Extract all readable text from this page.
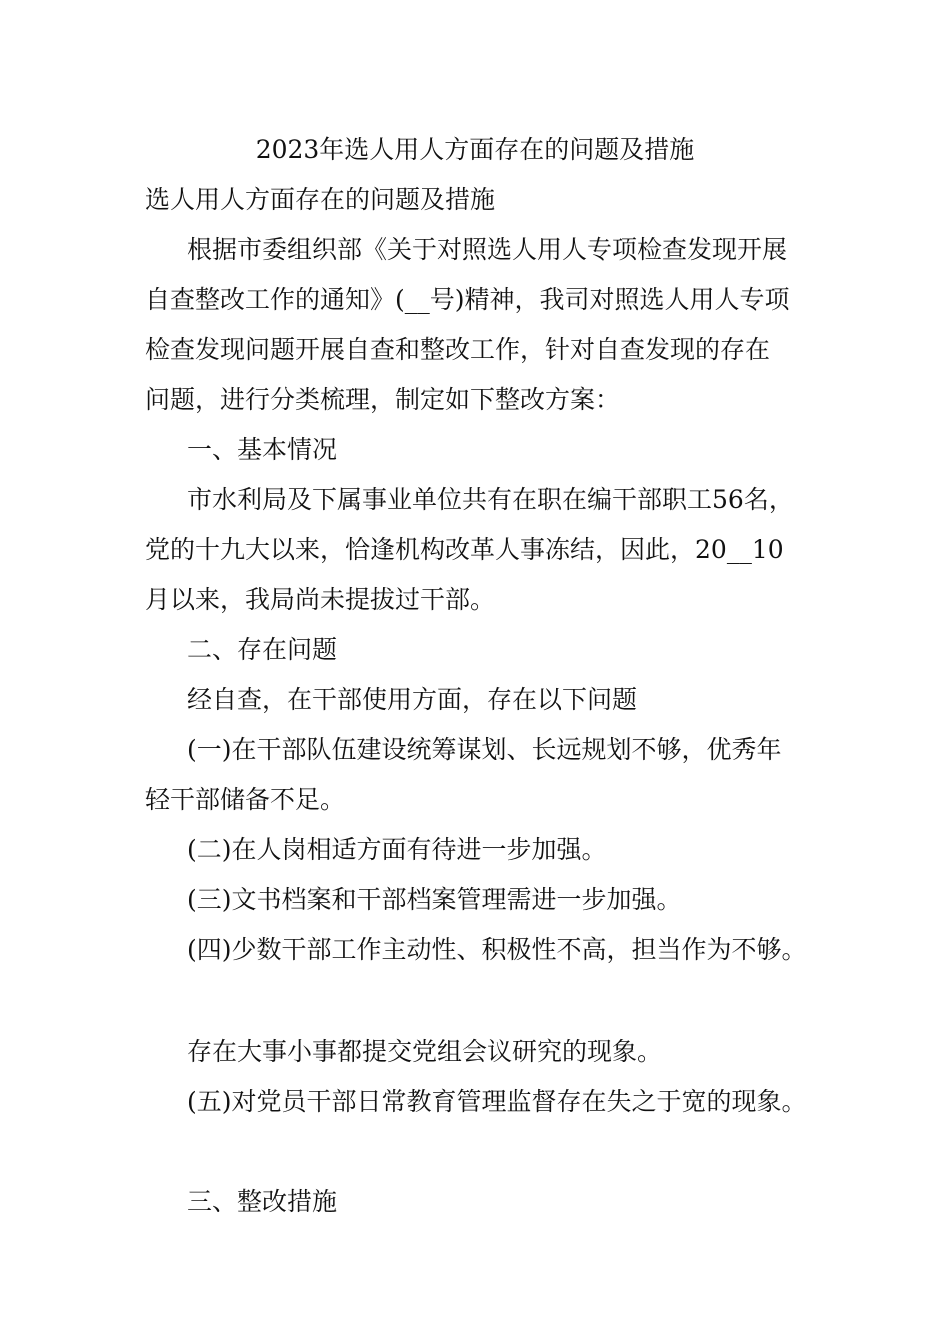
2023年选人用人方面存在的问题及措施
选人用人方面存在的问题及措施
根据市委组织部《关于对照选人用人专项检查发现开展
自查整改工作的通知》(__号)精神，我司对照选人用人专项
检查发现问题开展自查和整改工作，针对自查发现的存在
问题，进行分类梳理，制定如下整改方案：
一、基本情况
市水利局及下属事业单位共有在职在编干部职工56名，
党的十九大以来，恰逢机构改革人事冻结，因此，20__10
月以来，我局尚未提拔过干部。
二、存在问题
经自查，在干部使用方面，存在以下问题
(一)在干部队伍建设统筹谋划、长远规划不够，优秀年
轻干部储备不足。
(二)在人岗相适方面有待进一步加强。
(三)文书档案和干部档案管理需进一步加强。
(四)少数干部工作主动性、积极性不高，担当作为不够。
存在大事小事都提交党组会议研究的现象。
(五)对党员干部日常教育管理监督存在失之于宽的现象。
三、整改措施
